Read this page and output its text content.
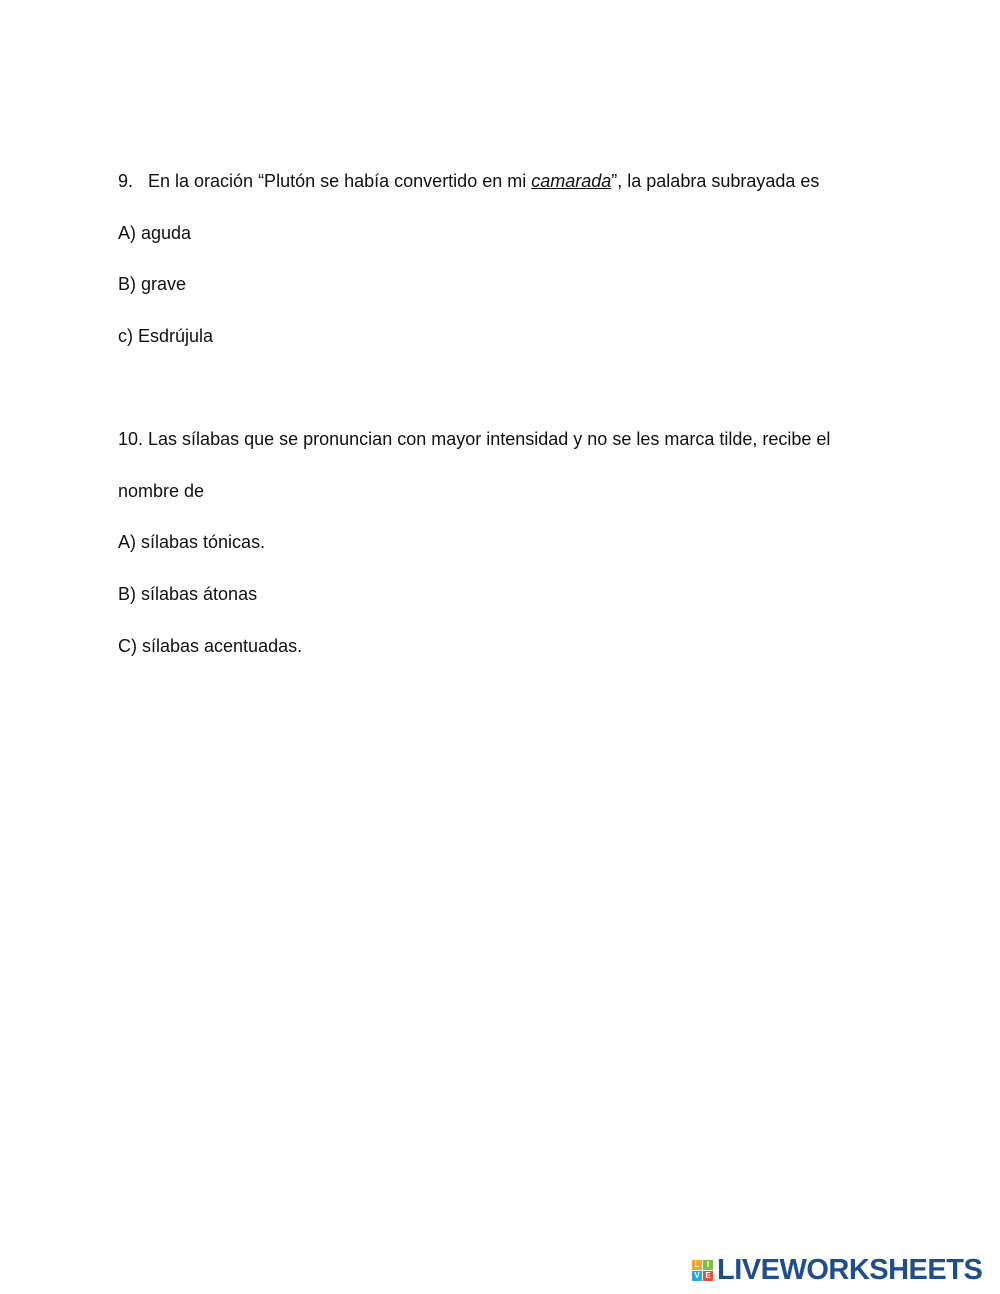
9. En la oración “Plutón se había convertido en mi camarada”, la palabra subrayada es
A) aguda
B) grave
c) Esdrújula
10. Las sílabas que se pronuncian con mayor intensidad y no se les marca tilde, recibe el
nombre de
A) sílabas tónicas.
B) sílabas átonas
C) sílabas acentuadas.
L I
V E LIVEWORKSHEETS
